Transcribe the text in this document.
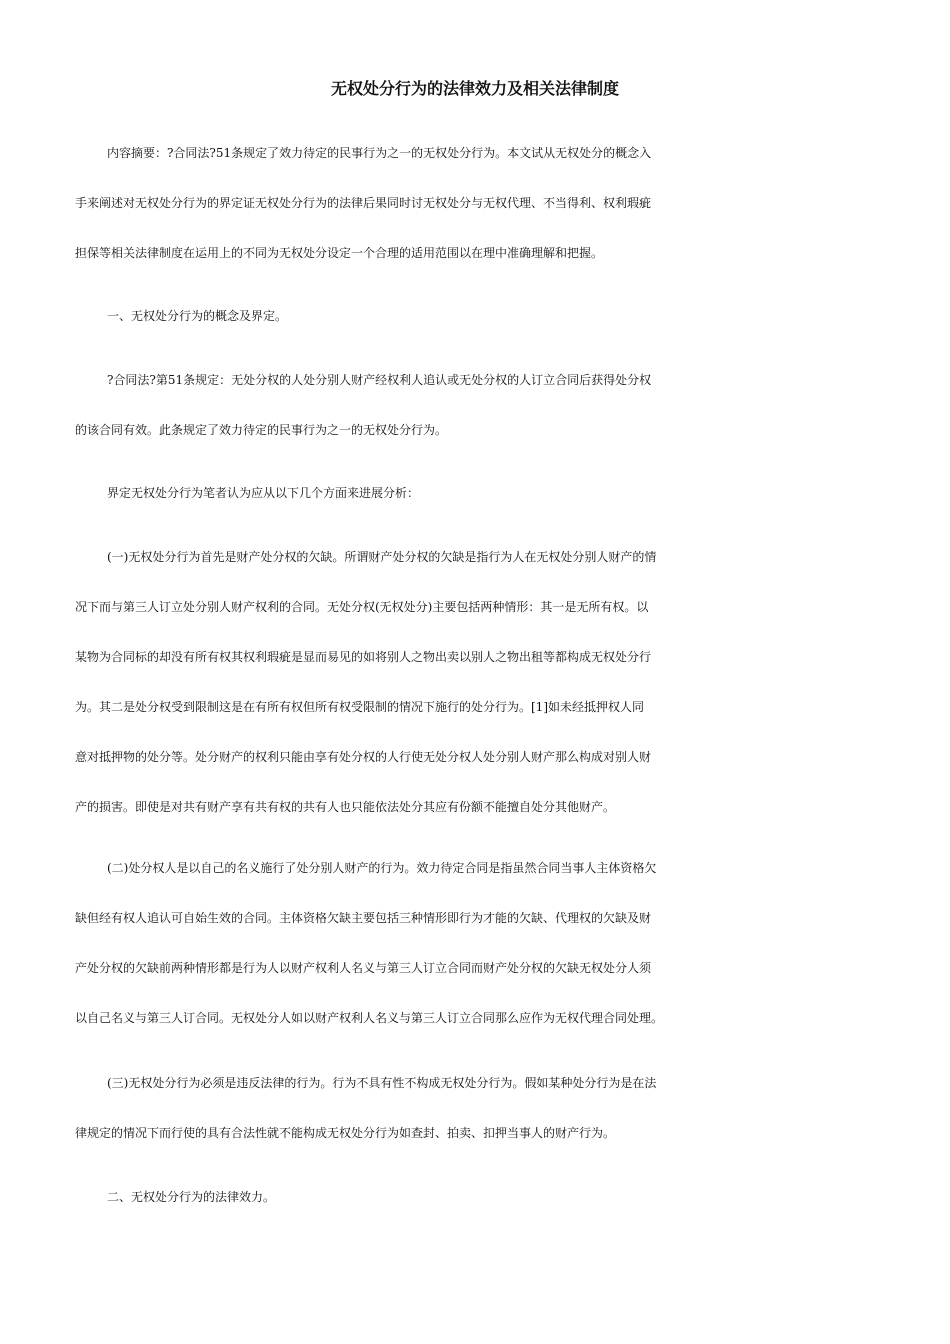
无权处分行为的法律效力及相关法律制度
内容摘要：?合同法?51条规定了效力待定的民事行为之一的无权处分行为。本文试从无权处分的概念入
手来阐述对无权处分行为的界定证无权处分行为的法律后果同时讨无权处分与无权代理、不当得利、权利瑕疵
担保等相关法律制度在运用上的不同为无权处分设定一个合理的适用范围以在理中准确理解和把握。
一、无权处分行为的概念及界定。
?合同法?第51条规定：无处分权的人处分别人财产经权利人追认或无处分权的人订立合同后获得处分权
的该合同有效。此条规定了效力待定的民事行为之一的无权处分行为。
界定无权处分行为笔者认为应从以下几个方面来进展分析：
(一)无权处分行为首先是财产处分权的欠缺。所谓财产处分权的欠缺是指行为人在无权处分别人财产的情
况下而与第三人订立处分别人财产权利的合同。无处分权(无权处分)主要包括两种情形：其一是无所有权。以
某物为合同标的却没有所有权其权利瑕疵是显而易见的如将别人之物出卖以别人之物出租等都构成无权处分行
为。其二是处分权受到限制这是在有所有权但所有权受限制的情况下施行的处分行为。[1]如未经抵押权人同
意对抵押物的处分等。处分财产的权利只能由享有处分权的人行使无处分权人处分别人财产那么构成对别人财
产的损害。即使是对共有财产享有共有权的共有人也只能依法处分其应有份额不能擅自处分其他财产。
(二)处分权人是以自己的名义施行了处分别人财产的行为。效力待定合同是指虽然合同当事人主体资格欠
缺但经有权人追认可自始生效的合同。主体资格欠缺主要包括三种情形即行为才能的欠缺、代理权的欠缺及财
产处分权的欠缺前两种情形都是行为人以财产权利人名义与第三人订立合同而财产处分权的欠缺无权处分人须
以自己名义与第三人订合同。无权处分人如以财产权利人名义与第三人订立合同那么应作为无权代理合同处理。
(三)无权处分行为必须是违反法律的行为。行为不具有性不构成无权处分行为。假如某种处分行为是在法
律规定的情况下而行使的具有合法性就不能构成无权处分行为如查封、拍卖、扣押当事人的财产行为。
二、无权处分行为的法律效力。
